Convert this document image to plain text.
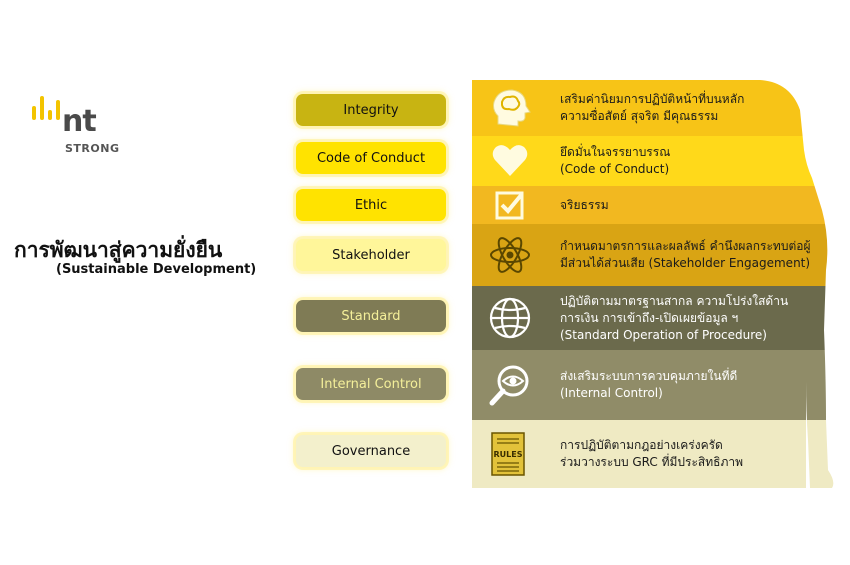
nt
STRONG
การพัฒนาสู่ความยั่งยืน
(Sustainable Development)
Integrity
Code of Conduct
Ethic
Stakeholder
Standard
Internal Control
Governance
เสริมค่านิยมการปฏิบัติหน้าที่บนหลัก
ความซื่อสัตย์ สุจริต มีคุณธรรม
ยึดมั่นในจรรยาบรรณ
(Code of Conduct)
จริยธรรม
กำหนดมาตรการและผลลัพธ์ คำนึงผลกระทบต่อผู้
มีส่วนได้ส่วนเสีย (Stakeholder Engagement)
ปฏิบัติตามมาตรฐานสากล ความโปร่งใสด้าน
การเงิน การเข้าถึง-เปิดเผยข้อมูล ฯ
(Standard Operation of Procedure)
ส่งเสริมระบบการควบคุมภายในที่ดี
(Internal Control)
RULES
การปฏิบัติตามกฎอย่างเคร่งครัด
ร่วมวางระบบ GRC ที่มีประสิทธิภาพ
